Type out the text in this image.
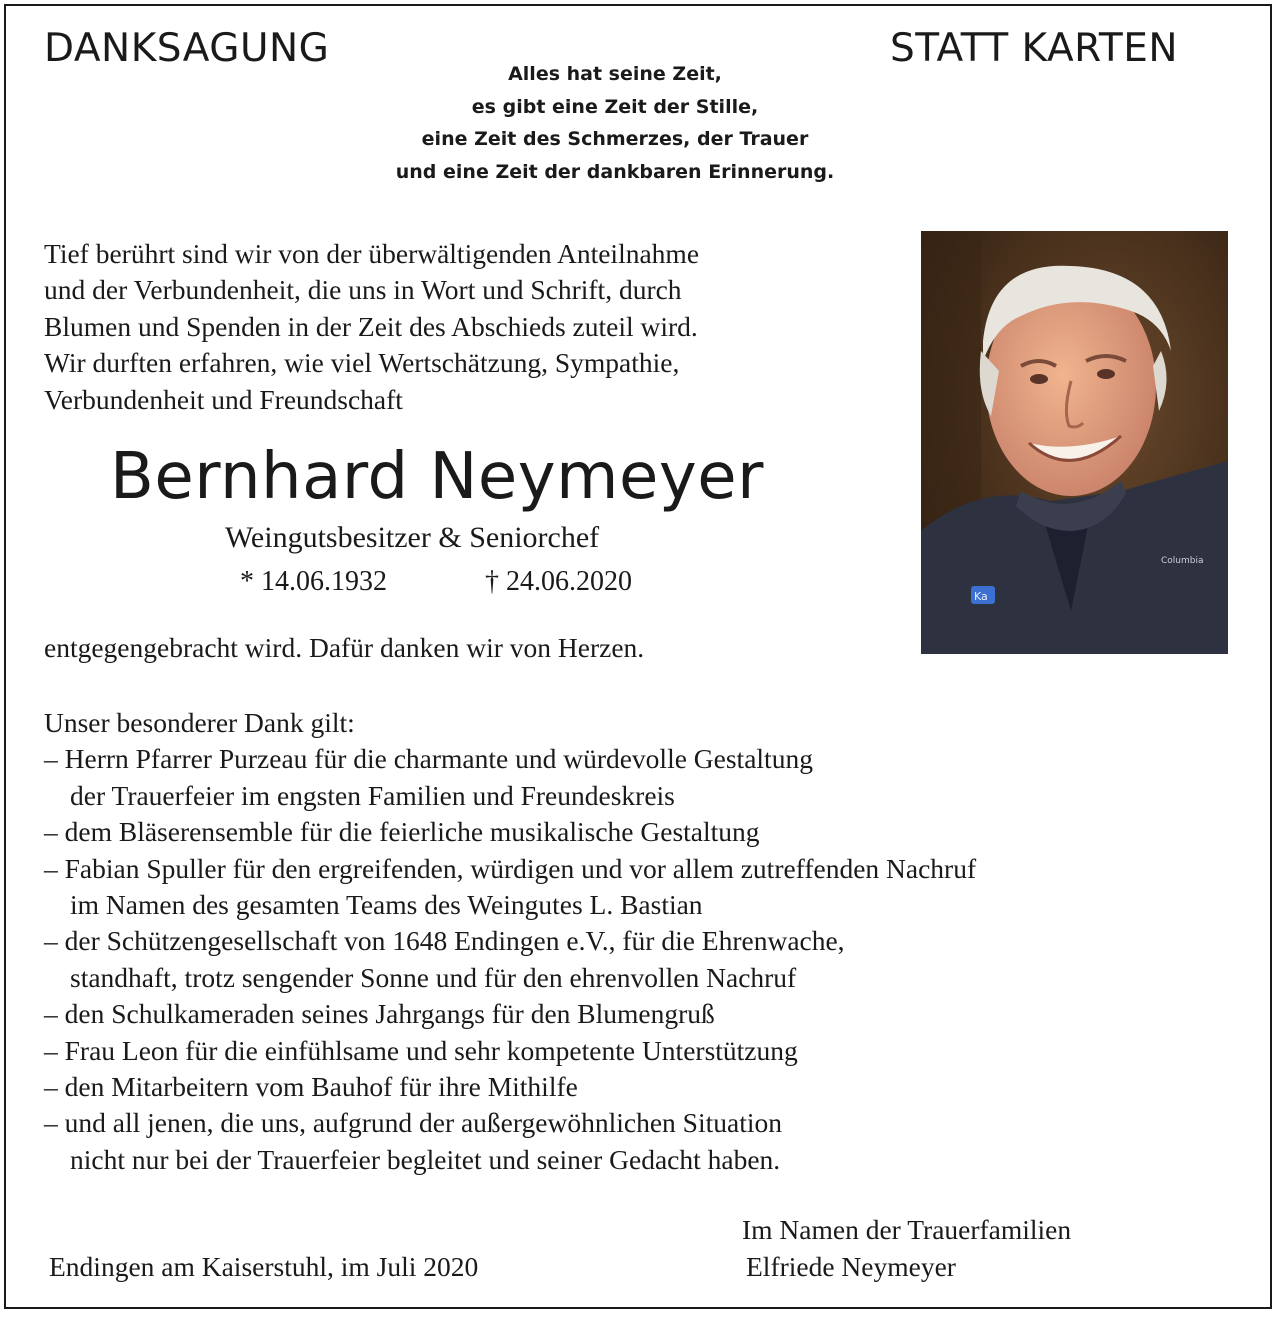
DANKSAGUNG	STATT KARTEN
Alles hat seine Zeit,
es gibt eine Zeit der Stille,
eine Zeit des Schmerzes, der Trauer
und eine Zeit der dankbaren Erinnerung.
Tief berührt sind wir von der überwältigenden Anteilnahme
und der Verbundenheit, die uns in Wort und Schrift, durch
Blumen und Spenden in der Zeit des Abschieds zuteil wird.
Wir durften erfahren, wie viel Wertschätzung, Sympathie,
Verbundenheit und Freundschaft
Bernhard Neymeyer
Weingutsbesitzer & Seniorchef
* 14.06.1932	† 24.06.2020	Ka
Columbia
entgegengebracht wird. Dafür danken wir von Herzen.
Unser besonderer Dank gilt:
– Herrn Pfarrer Purzeau für die charmante und würdevolle Gestaltung
der Trauerfeier im engsten Familien und Freundeskreis
– dem Bläserensemble für die feierliche musikalische Gestaltung
– Fabian Spuller für den ergreifenden, würdigen und vor allem zutreffenden Nachruf
im Namen des gesamten Teams des Weingutes L. Bastian
– der Schützengesellschaft von 1648 Endingen e.V., für die Ehrenwache,
standhaft, trotz sengender Sonne und für den ehrenvollen Nachruf
– den Schulkameraden seines Jahrgangs für den Blumengruß
– Frau Leon für die einfühlsame und sehr kompetente Unterstützung
– den Mitarbeitern vom Bauhof für ihre Mithilfe
– und all jenen, die uns, aufgrund der außergewöhnlichen Situation
nicht nur bei der Trauerfeier begleitet und seiner Gedacht haben.
Im Namen der Trauerfamilien
Elfriede Neymeyer
Endingen am Kaiserstuhl, im Juli 2020
